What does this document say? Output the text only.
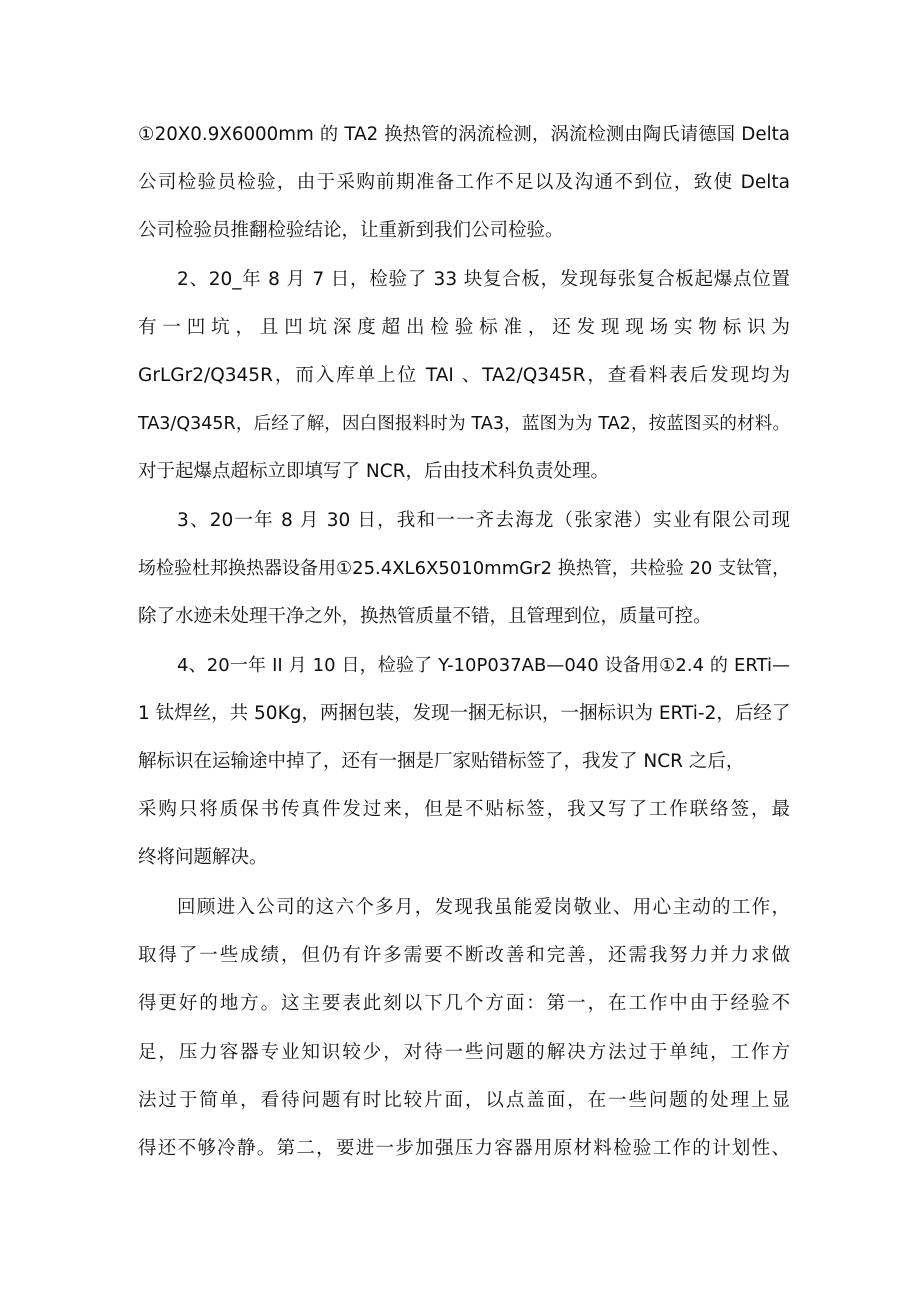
①20X0.9X6000mm 的 TA2 换热管的涡流检测，涡流检测由陶氏请德国 Delta
公司检验员检验，由于采购前期准备工作不足以及沟通不到位，致使 Delta
公司检验员推翻检验结论，让重新到我们公司检验。
2、20_年 8 月 7 日，检验了 33 块复合板，发现每张复合板起爆点位置
有一凹坑，且凹坑深度超出检验标准，还发现现场实物标识为
GrLGr2∕Q345R，而入库单上位 TAI 、TA2/Q345R，查看料表后发现均为
TA3/Q345R，后经了解，因白图报料时为 TA3，蓝图为为 TA2，按蓝图买的材料。
对于起爆点超标立即填写了 NCR，后由技术科负责处理。
3、20一年 8 月 30 日，我和一一齐去海龙（张家港）实业有限公司现
场检验杜邦换热器设备用①25.4XL6X5010mmGr2 换热管，共检验 20 支钛管，
除了水迹未处理干净之外，换热管质量不错，且管理到位，质量可控。
4、20一年 II 月 10 日，检验了 Y-10P037AB—040 设备用①2.4 的 ERTi—
1 钛焊丝，共 50Kg，两捆包装，发现一捆无标识，一捆标识为 ERTi-2，后经了
解标识在运输途中掉了，还有一捆是厂家贴错标签了，我发了 NCR 之后，
采购只将质保书传真件发过来，但是不贴标签，我又写了工作联络签，最
终将问题解决。
回顾进入公司的这六个多月，发现我虽能爱岗敬业、用心主动的工作，
取得了一些成绩，但仍有许多需要不断改善和完善，还需我努力并力求做
得更好的地方。这主要表此刻以下几个方面：第一，在工作中由于经验不
足，压力容器专业知识较少，对待一些问题的解决方法过于单纯，工作方
法过于简单，看待问题有时比较片面，以点盖面，在一些问题的处理上显
得还不够冷静。第二，要进一步加强压力容器用原材料检验工作的计划性、
